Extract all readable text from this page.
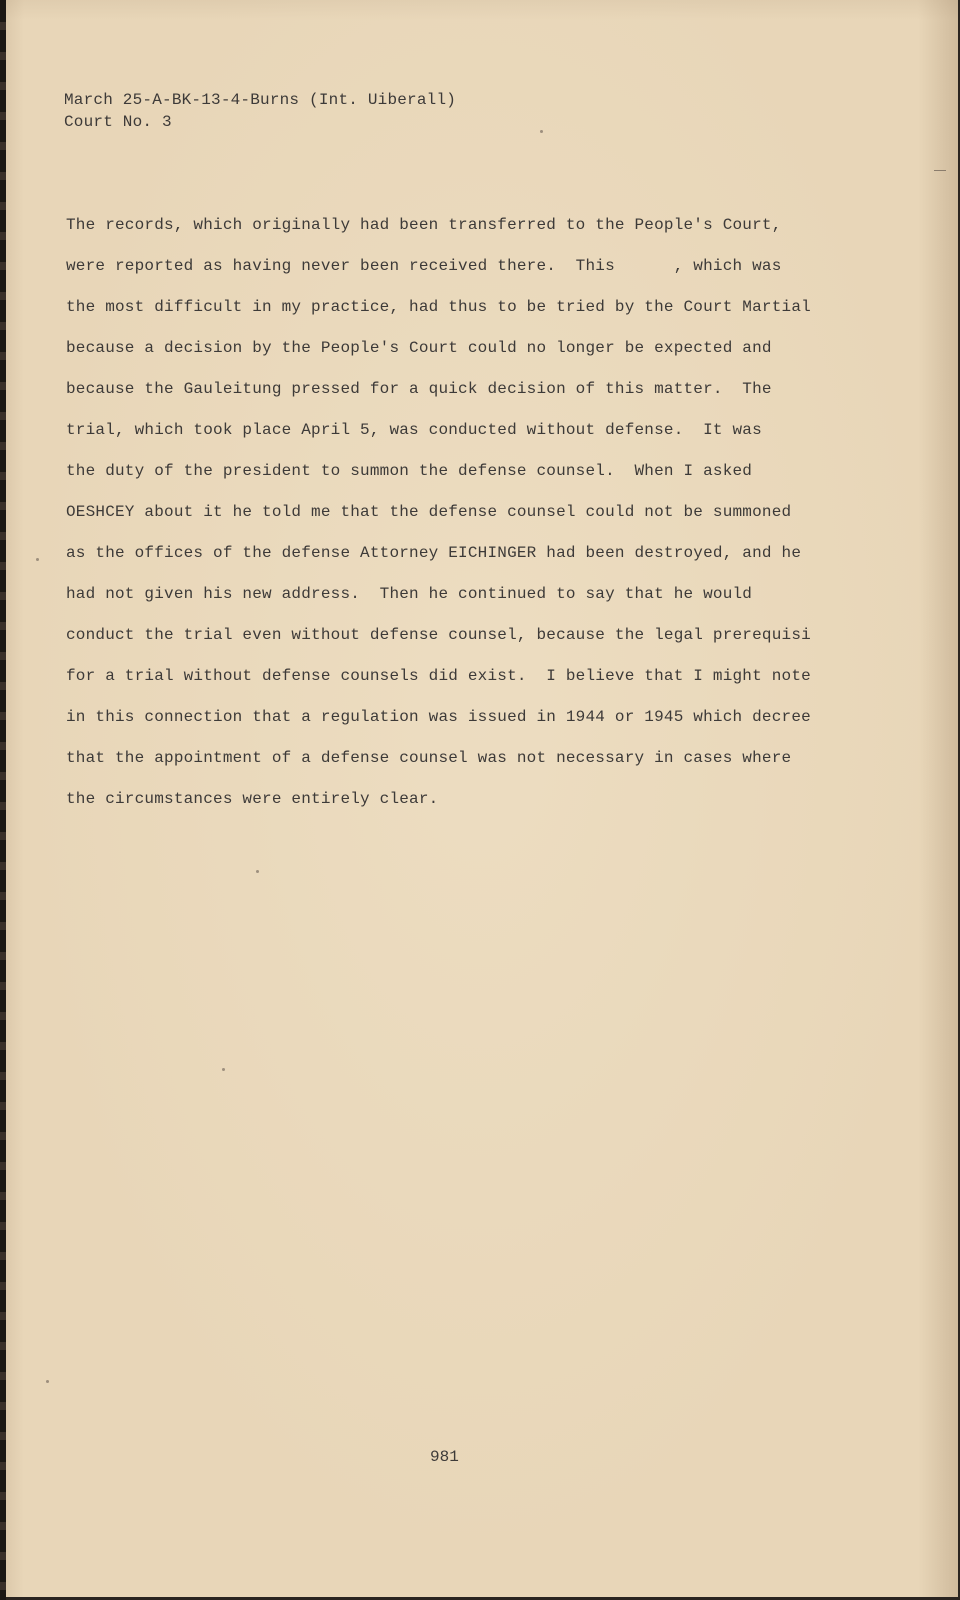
March 25-A-BK-13-4-Burns (Int. Uiberall)
Court No. 3
The records, which originally had been transferred to the People's Court,
were reported as having never been received there.  This      , which was
the most difficult in my practice, had thus to be tried by the Court Martial
because a decision by the People's Court could no longer be expected and
because the Gauleitung pressed for a quick decision of this matter.  The
trial, which took place April 5, was conducted without defense.  It was
the duty of the president to summon the defense counsel.  When I asked
OESHCEY about it he told me that the defense counsel could not be summoned
as the offices of the defense Attorney EICHINGER had been destroyed, and he
had not given his new address.  Then he continued to say that he would
conduct the trial even without defense counsel, because the legal prerequisi
for a trial without defense counsels did exist.  I believe that I might note
in this connection that a regulation was issued in 1944 or 1945 which decree
that the appointment of a defense counsel was not necessary in cases where
the circumstances were entirely clear.
981
